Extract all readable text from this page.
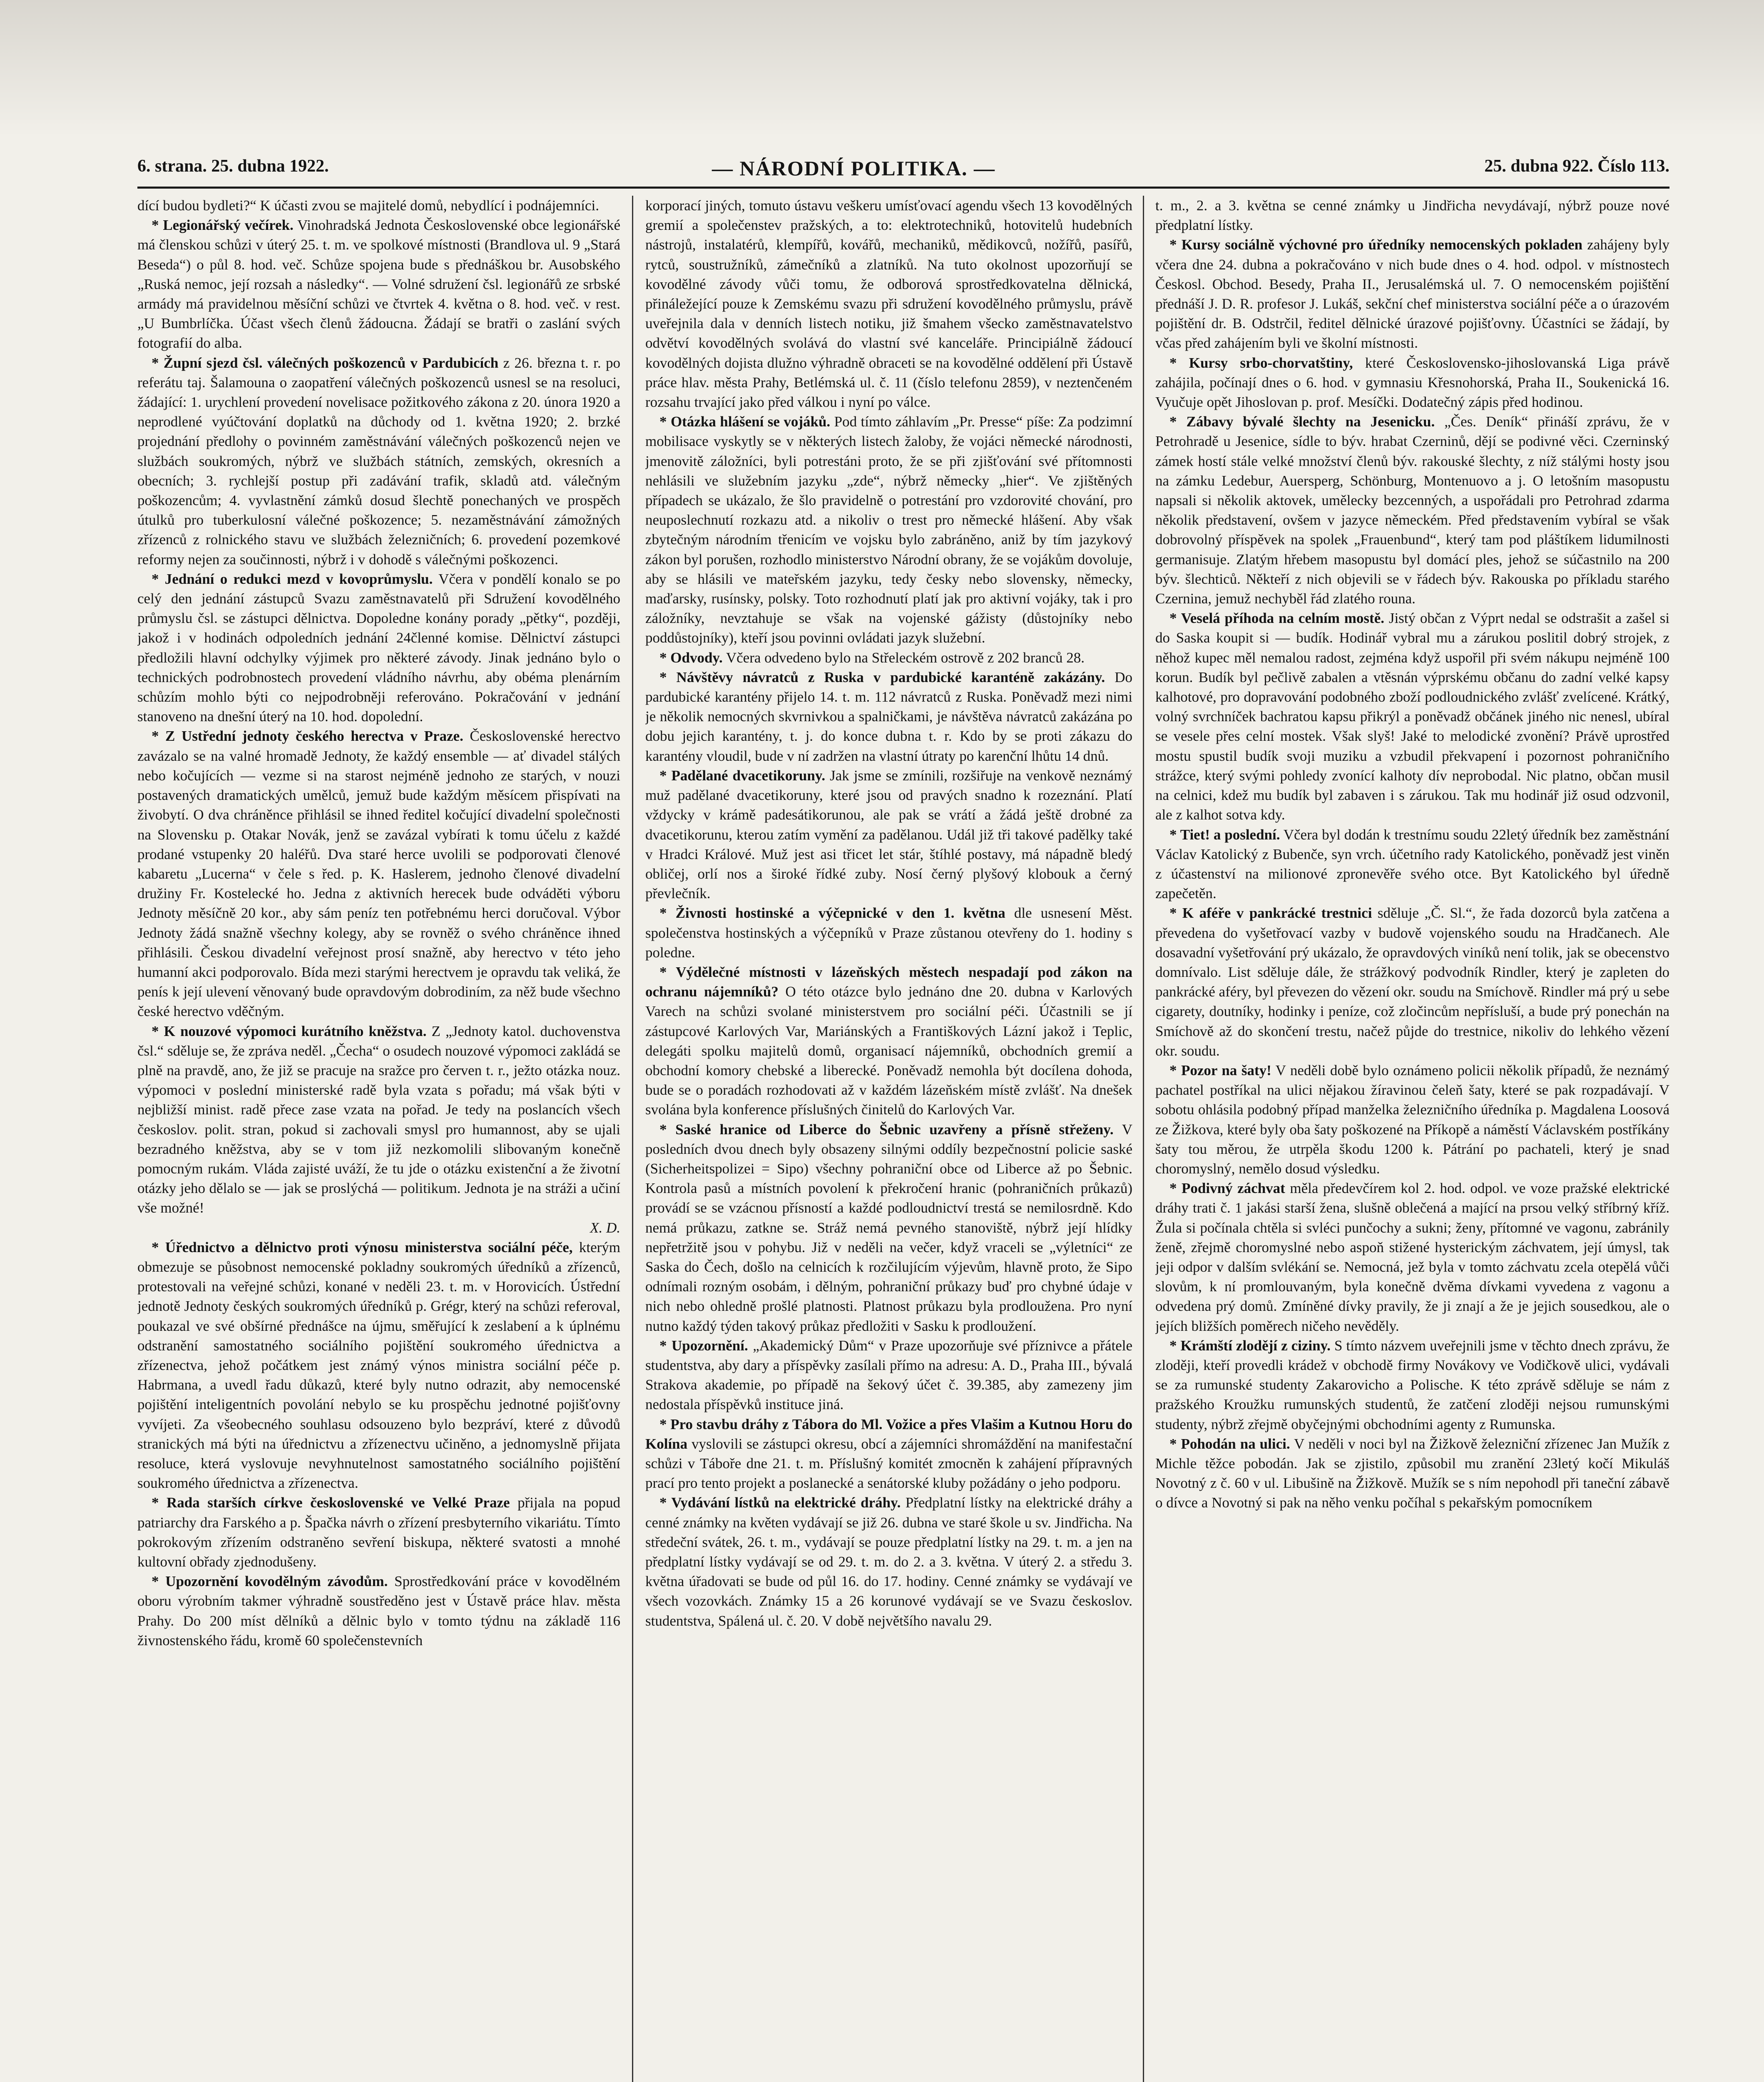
6. strana. 25. dubna 1922.	— NÁRODNÍ POLITIKA. —	25. dubna 922. Číslo 113.

dící budou bydleti?“ K účasti zvou se majitelé domů, nebydlící i podnájemníci.

* Legionářský večírek. Vinohradská Jednota Československé obce legionářské má členskou schůzi v úterý 25. t. m. ve spolkové místnosti (Brandlova ul. 9 „Stará Beseda“) o půl 8. hod. več. Schůze spojena bude s přednáškou br. Ausobského „Ruská nemoc, její rozsah a následky“. — Volné sdružení čsl. legionářů ze srbské armády má pravidelnou měsíční schůzi ve čtvrtek 4. května o 8. hod. več. v rest. „U Bumbrlíčka. Účast všech členů žádoucna. Žádají se bratři o zaslání svých fotografií do alba.

* Župní sjezd čsl. válečných poškozenců v Pardubicích z 26. března t. r. po referátu taj. Šalamouna o zaopatření válečných poškozenců usnesl se na resoluci, žádající: 1. urychlení provedení novelisace požitkového zákona z 20. února 1920 a neprodlené vyúčtování doplatků na důchody od 1. května 1920; 2. brzké projednání předlohy o povinném zaměstnávání válečných poškozenců nejen ve službách soukromých, nýbrž ve službách státních, zemských, okresních a obecních; 3. rychlejší postup při zadávání trafik, skladů atd. válečným poškozencům; 4. vyvlastnění zámků dosud šlechtě ponechaných ve prospěch útulků pro tuberkulosní válečné poškozence; 5. nezaměstnávání zámožných zřízenců z rolnického stavu ve službách železničních; 6. provedení pozemkové reformy nejen za součinnosti, nýbrž i v dohodě s válečnými poškozenci.

* Jednání o redukci mezd v kovoprůmyslu. Včera v pondělí konalo se po celý den jednání zástupců Svazu zaměstnavatelů při Sdružení kovodělného průmyslu čsl. se zástupci dělnictva. Dopoledne konány porady „pětky“, později, jakož i v hodinách odpoledních jednání 24členné komise. Dělnictví zástupci předložili hlavní odchylky výjimek pro některé závody. Jinak jednáno bylo o technických podrobnostech provedení vládního návrhu, aby obéma plenárním schůzím mohlo býti co nejpodrobněji referováno. Pokračování v jednání stanoveno na dnešní úterý na 10. hod. dopolední.

* Z Ustřední jednoty českého herectva v Praze. Československé herectvo zavázalo se na valné hromadě Jednoty, že každý ensemble — ať divadel stálých nebo kočujících — vezme si na starost nejméně jednoho ze starých, v nouzi postavených dramatických umělců, jemuž bude každým měsícem přispívati na živobytí. O dva chráněnce přihlásil se ihned ředitel kočující divadelní společnosti na Slovensku p. Otakar Novák, jenž se zavázal vybírati k tomu účelu z každé prodané vstupenky 20 haléřů. Dva staré herce uvolili se podporovati členové kabaretu „Lucerna“ v čele s řed. p. K. Haslerem, jednoho členové divadelní družiny Fr. Kostelecké ho. Jedna z aktivních herecek bude odváděti výboru Jednoty měsíčně 20 kor., aby sám peníz ten potřebnému herci doručoval. Výbor Jednoty žádá snažně všechny kolegy, aby se rovněž o svého chráněnce ihned přihlásili. Českou divadelní veřejnost prosí snažně, aby herectvo v této jeho humanní akci podporovalo. Bída mezi starými herectvem je opravdu tak veliká, že penís k její ulevení věnovaný bude opravdovým dobrodiním, za něž bude všechno české herectvo vděčným.

* K nouzové výpomoci kurátního kněžstva. Z „Jednoty katol. duchovenstva čsl.“ sděluje se, že zpráva neděl. „Čecha“ o osudech nouzové výpomoci zakládá se plně na pravdě, ano, že již se pracuje na sražce pro červen t. r., ježto otázka nouz. výpomoci v poslední ministerské radě byla vzata s pořadu; má však býti v nejbližší minist. radě přece zase vzata na pořad. Je tedy na poslancích všech českoslov. polit. stran, pokud si zachovali smysl pro humannost, aby se ujali bezradného kněžstva, aby se v tom již nezkomolili slibovaným konečně pomocným rukám. Vláda zajisté uváží, že tu jde o otázku existenční a že životní otázky jeho dělalo se — jak se proslýchá — politikum. Jednota je na stráži a učiní vše možné!

X. D.

* Úřednictvo a dělnictvo proti výnosu ministerstva sociální péče, kterým obmezuje se působnost nemocenské pokladny soukromých úředníků a zřízenců, protestovali na veřejné schůzi, konané v neděli 23. t. m. v Horovicích. Ústřední jednotě Jednoty českých soukromých úředníků p. Grégr, který na schůzi referoval, poukazal ve své obšírné přednášce na újmu, směřující k zeslabení a k úplnému odstranění samostatného sociálního pojištění soukromého úřednictva a zřízenectva, jehož počátkem jest známý výnos ministra sociální péče p. Habrmana, a uvedl řadu důkazů, které byly nutno odrazit, aby nemocenské pojištění inteligentních povolání nebylo se ku prospěchu jednotné pojišťovny vyvíjeti. Za všeobecného souhlasu odsouzeno bylo bezpráví, které z důvodů stranických má býti na úřednictvu a zřízenectvu učiněno, a jednomyslně přijata resoluce, která vyslovuje nevyhnutelnost samostatného sociálního pojištění soukromého úřednictva a zřízenectva.

* Rada starších církve československé ve Velké Praze přijala na popud patriarchy dra Farského a p. Špačka návrh o zřízení presbyterního vikariátu. Tímto pokrokovým zřízením odstraněno sevření biskupa, některé svatosti a mnohé kultovní obřady zjednodušeny.

* Upozornění kovodělným závodům. Sprostředkování práce v kovodělném oboru výrobním takmer výhradně soustředěno jest v Ústavě práce hlav. města Prahy. Do 200 míst dělníků a dělnic bylo v tomto týdnu na základě 116 živnostenského řádu, kromě 60 společenstevních

korporací jiných, tomuto ústavu veškeru umísťovací agendu všech 13 kovodělných gremií a společenstev pražských, a to: elektrotechniků, hotovitelů hudebních nástrojů, instalatérů, klempířů, kovářů, mechaniků, mědikovců, nožířů, pasířů, rytců, soustružníků, zámečníků a zlatníků. Na tuto okolnost upozorňují se kovodělné závody vůči tomu, že odborová sprostředkovatelna dělnická, přináležející pouze k Zemskému svazu při sdružení kovodělného průmyslu, právě uveřejnila dala v denních listech notiku, již šmahem všecko zaměstnavatelstvo odvětví kovodělných svolává do vlastní své kanceláře. Principiálně žádoucí kovodělných dojista dlužno výhradně obraceti se na kovodělné oddělení při Ústavě práce hlav. města Prahy, Betlémská ul. č. 11 (číslo telefonu 2859), v neztenčeném rozsahu trvající jako před válkou i nyní po válce.

* Otázka hlášení se vojáků. Pod tímto záhlavím „Pr. Presse“ píše: Za podzimní mobilisace vyskytly se v některých listech žaloby, že vojáci německé národnosti, jmenovitě záložníci, byli potrestáni proto, že se při zjišťování své přítomnosti nehlásili ve služebním jazyku „zde“, nýbrž německy „hier“. Ve zjištěných případech se ukázalo, že šlo pravidelně o potrestání pro vzdorovité chování, pro neuposlechnutí rozkazu atd. a nikoliv o trest pro německé hlášení. Aby však zbytečným národním třenicím ve vojsku bylo zabráněno, aniž by tím jazykový zákon byl porušen, rozhodlo ministerstvo Národní obrany, že se vojákům dovoluje, aby se hlásili ve mateřském jazyku, tedy česky nebo slovensky, německy, maďarsky, rusínsky, polsky. Toto rozhodnutí platí jak pro aktivní vojáky, tak i pro záložníky, nevztahuje se však na vojenské gážisty (důstojníky nebo poddůstojníky), kteří jsou povinni ovládati jazyk služební.

* Odvody. Včera odvedeno bylo na Střeleckém ostrově z 202 branců 28.

* Návštěvy návratců z Ruska v pardubické karanténě zakázány. Do pardubické karantény přijelo 14. t. m. 112 návratců z Ruska. Poněvadž mezi nimi je několik nemocných skvrnivkou a spalničkami, je návštěva návratců zakázána po dobu jejich karantény, t. j. do konce dubna t. r. Kdo by se proti zákazu do karantény vloudil, bude v ní zadržen na vlastní útraty po karenční lhůtu 14 dnů.

* Padělané dvacetikoruny. Jak jsme se zmínili, rozšiřuje na venkově neznámý muž padělané dvacetikoruny, které jsou od pravých snadno k rozeznání. Platí vždycky v krámě padesátikorunou, ale pak se vrátí a žádá ještě drobné za dvacetikorunu, kterou zatím vymění za padělanou. Udál již tři takové padělky také v Hradci Králové. Muž jest asi třicet let stár, štíhlé postavy, má nápadně bledý obličej, orlí nos a široké řídké zuby. Nosí černý plyšový klobouk a černý převlečník.

* Živnosti hostinské a výčepnické v den 1. května dle usnesení Měst. společenstva hostinských a výčepníků v Praze zůstanou otevřeny do 1. hodiny s poledne.

* Výdělečné místnosti v lázeňských městech nespadají pod zákon na ochranu nájemníků? O této otázce bylo jednáno dne 20. dubna v Karlových Varech na schůzi svolané ministerstvem pro sociální péči. Účastnili se jí zástupcové Karlových Var, Mariánských a Františkových Lázní jakož i Teplic, delegáti spolku majitelů domů, organisací nájemníků, obchodních gremií a obchodní komory chebské a liberecké. Poněvadž nemohla být docílena dohoda, bude se o poradách rozhodovati až v každém lázeňském místě zvlášť. Na dnešek svolána byla konference příslušných činitelů do Karlových Var.

* Saské hranice od Liberce do Šebnic uzavřeny a přísně střeženy. V posledních dvou dnech byly obsazeny silnými oddíly bezpečnostní policie saské (Sicherheitspolizei = Sipo) všechny pohraniční obce od Liberce až po Šebnic. Kontrola pasů a místních povolení k překročení hranic (pohraničních průkazů) provádí se se vzácnou přísností a každé podloudnictví trestá se nemilosrdně. Kdo nemá průkazu, zatkne se. Stráž nemá pevného stanoviště, nýbrž její hlídky nepřetržitě jsou v pohybu. Již v neděli na večer, když vraceli se „výletníci“ ze Saska do Čech, došlo na celnicích k rozčilujícím výjevům, hlavně proto, že Sipo odnímali rozným osobám, i dělným, pohraniční průkazy buď pro chybné údaje v nich nebo ohledně prošlé platnosti. Platnost průkazu byla prodloužena. Pro nyní nutno každý týden takový průkaz předložiti v Sasku k prodloužení.

* Upozornění. „Akademický Dům“ v Praze upozorňuje své příznivce a přátele studentstva, aby dary a příspěvky zasílali přímo na adresu: A. D., Praha III., bývalá Strakova akademie, po případě na šekový účet č. 39.385, aby zamezeny jim nedostala příspěvků instituce jiná.

* Pro stavbu dráhy z Tábora do Ml. Vožice a přes Vlašim a Kutnou Horu do Kolína vyslovili se zástupci okresu, obcí a zájemníci shromáždění na manifestační schůzi v Táboře dne 21. t. m. Příslušný komitét zmocněn k zahájení přípravných prací pro tento projekt a poslanecké a senátorské kluby požádány o jeho podporu.

* Vydávání lístků na elektrické dráhy. Předplatní lístky na elektrické dráhy a cenné známky na květen vydávají se již 26. dubna ve staré škole u sv. Jindřicha. Na středeční svátek, 26. t. m., vydávají se pouze předplatní lístky na 29. t. m. a jen na předplatní lístky vydávají se od 29. t. m. do 2. a 3. května. V úterý 2. a středu 3. května úřadovati se bude od půl 16. do 17. hodiny. Cenné známky se vydávají ve všech vozovkách. Známky 15 a 26 korunové vydávají se ve Svazu českoslov. studentstva, Spálená ul. č. 20. V době největšího navalu 29.

t. m., 2. a 3. května se cenné známky u Jindřicha nevydávají, nýbrž pouze nové předplatní lístky.

* Kursy sociálně výchovné pro úředníky nemocenských pokladen zahájeny byly včera dne 24. dubna a pokračováno v nich bude dnes o 4. hod. odpol. v místnostech Českosl. Obchod. Besedy, Praha II., Jerusalémská ul. 7. O nemocenském pojištění přednáší J. D. R. profesor J. Lukáš, sekční chef ministerstva sociální péče a o úrazovém pojištění dr. B. Odstrčil, ředitel dělnické úrazové pojišťovny. Účastníci se žádají, by včas před zahájením byli ve školní místnosti.

* Kursy srbo-chorvatštiny, které Československo-jihoslovanská Liga právě zahájila, počínají dnes o 6. hod. v gymnasiu Křesnohorská, Praha II., Soukenická 16. Vyučuje opět Jihoslovan p. prof. Mesíčki. Dodatečný zápis před hodinou.

* Zábavy bývalé šlechty na Jesenicku. „Čes. Deník“ přináší zprávu, že v Petrohradě u Jesenice, sídle to býv. hrabat Czerninů, dějí se podivné věci. Czerninský zámek hostí stále velké množství členů býv. rakouské šlechty, z níž stálými hosty jsou na zámku Ledebur, Auersperg, Schönburg, Montenuovo a j. O letošním masopustu napsali si několik aktovek, umělecky bezcenných, a uspořádali pro Petrohrad zdarma několik představení, ovšem v jazyce německém. Před představením vybíral se však dobrovolný příspěvek na spolek „Frauenbund“, který tam pod pláštíkem lidumilnosti germanisuje. Zlatým hřebem masopustu byl domácí ples, jehož se súčastnilo na 200 býv. šlechticů. Někteří z nich objevili se v řádech býv. Rakouska po příkladu starého Czernina, jemuž nechyběl řád zlatého rouna.

* Veselá příhoda na celním mostě. Jistý občan z Výprt nedal se odstrašit a zašel si do Saska koupit si — budík. Hodinář vybral mu a zárukou poslitil dobrý strojek, z něhož kupec měl nemalou radost, zejména když uspořil při svém nákupu nejméně 100 korun. Budík byl pečlivě zabalen a vtěsnán výprskému občanu do zadní velké kapsy kalhotové, pro dopravování podobného zboží podloudnického zvlášť zvelícené. Krátký, volný svrchníček bachratou kapsu přikrýl a poněvadž občánek jiného nic nenesl, ubíral se vesele přes celní mostek. Však slyš! Jaké to melodické zvonění? Právě uprostřed mostu spustil budík svoji muziku a vzbudil překvapení i pozornost pohraničního strážce, který svými pohledy zvonící kalhoty dív neprobodal. Nic platno, občan musil na celnici, kdež mu budík byl zabaven i s zárukou. Tak mu hodinář již osud odzvonil, ale z kalhot sotva kdy.

* Tiet! a poslední. Včera byl dodán k trestnímu soudu 22letý úředník bez zaměstnání Václav Katolický z Bubenče, syn vrch. účetního rady Katolického, poněvadž jest viněn z účastenství na milionové zpronevěře svého otce. Byt Katolického byl úředně zapečetěn.

* K aféře v pankrácké trestnici sděluje „Č. Sl.“, že řada dozorců byla zatčena a převedena do vyšetřovací vazby v budově vojenského soudu na Hradčanech. Ale dosavadní vyšetřování prý ukázalo, že opravdových viníků není tolik, jak se obecenstvo domnívalo. List sděluje dále, že strážkový podvodník Rindler, který je zapleten do pankrácké aféry, byl převezen do vězení okr. soudu na Smíchově. Rindler má prý u sebe cigarety, doutníky, hodinky i peníze, což zločincům nepřísluší, a bude prý ponechán na Smíchově až do skončení trestu, načež půjde do trestnice, nikoliv do lehkého vězení okr. soudu.

* Pozor na šaty! V neděli době bylo oznámeno policii několik případů, že neznámý pachatel postříkal na ulici nějakou žíravinou čeleň šaty, které se pak rozpadávají. V sobotu ohlásila podobný případ manželka železničního úředníka p. Magdalena Loosová ze Žižkova, které byly oba šaty poškozené na Příkopě a náměstí Václavském postříkány šaty tou měrou, že utrpěla škodu 1200 k. Pátrání po pachateli, který je snad choromyslný, nemělo dosud výsledku.

* Podivný záchvat měla předevčírem kol 2. hod. odpol. ve voze pražské elektrické dráhy trati č. 1 jakási starší žena, slušně oblečená a mající na prsou velký stříbrný kříž. Žula si počínala chtěla si svléci punčochy a sukni; ženy, přítomné ve vagonu, zabránily ženě, zřejmě choromyslné nebo aspoň stižené hysterickým záchvatem, její úmysl, tak jeji odpor v dalším svlékání se. Nemocná, jež byla v tomto záchvatu zcela otepělá vůči slovům, k ní promlouvaným, byla konečně dvěma dívkami vyvedena z vagonu a odvedena prý domů. Zmíněné dívky pravily, že ji znají a že je jejich sousedkou, ale o jejích bližších poměrech ničeho nevěděly.

* Krámští zlodějí z ciziny. S tímto názvem uveřejnili jsme v těchto dnech zprávu, že zloději, kteří provedli krádež v obchodě firmy Novákovy ve Vodičkově ulici, vydávali se za rumunské studenty Zakarovicho a Polische. K této zprávě sděluje se nám z pražského Kroužku rumunských studentů, že zatčení zloději nejsou rumunskými studenty, nýbrž zřejmě obyčejnými obchodními agenty z Rumunska.

* Pohodán na ulici. V neděli v noci byl na Žižkově železniční zřízenec Jan Mužík z Michle těžce pobodán. Jak se zjistilo, způsobil mu zranění 23letý kočí Mikuláš Novotný z č. 60 v ul. Libušině na Žižkově. Mužík se s ním nepohodl při taneční zábavě o dívce a Novotný si pak na něho venku počíhal s pekařským pomocníkem
